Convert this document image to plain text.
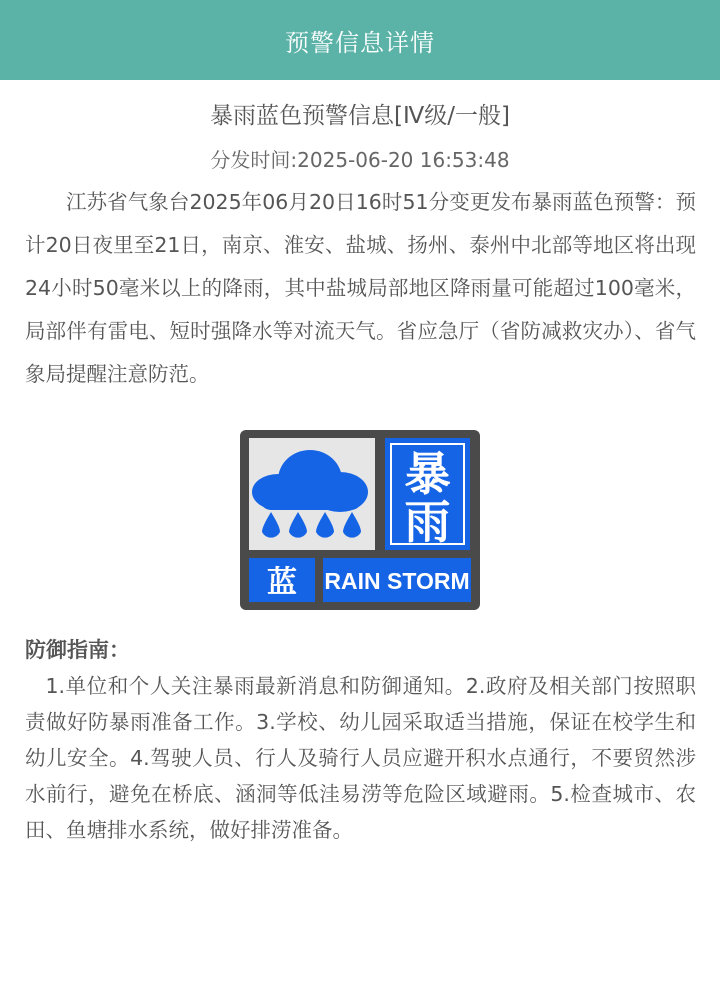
预警信息详情
暴雨蓝色预警信息[Ⅳ级/一般]
分发时间:2025-06-20 16:53:48
江苏省气象台2025年06月20日16时51分变更发布暴雨蓝色预警：预计20日夜里至21日，南京、淮安、盐城、扬州、泰州中北部等地区将出现24小时50毫米以上的降雨，其中盐城局部地区降雨量可能超过100毫米，局部伴有雷电、短时强降水等对流天气。省应急厅（省防减救灾办）、省气象局提醒注意防范。
暴
雨
蓝 RAIN STORM
防御指南：
1.单位和个人关注暴雨最新消息和防御通知。2.政府及相关部门按照职责做好防暴雨准备工作。3.学校、幼儿园采取适当措施，保证在校学生和幼儿安全。4.驾驶人员、行人及骑行人员应避开积水点通行，不要贸然涉水前行，避免在桥底、涵洞等低洼易涝等危险区域避雨。5.检查城市、农田、鱼塘排水系统，做好排涝准备。
